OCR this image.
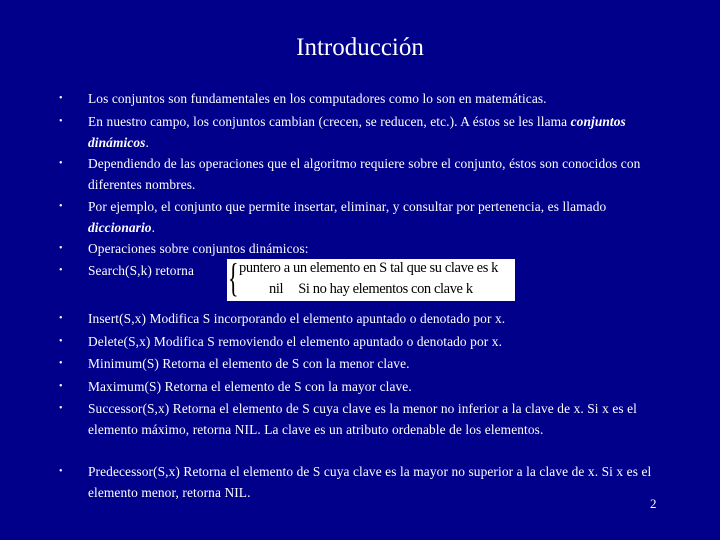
Introducción
• Los conjuntos son fundamentales en los computadores como lo son en matemáticas.
• En nuestro campo, los conjuntos cambian (crecen, se reducen, etc.). A éstos se les llama conjuntos dinámicos.
• Dependiendo de las operaciones que el algoritmo requiere sobre el conjunto, éstos son conocidos con diferentes nombres.
• Por ejemplo, el conjunto que permite insertar, eliminar, y consultar por pertenencia, es llamado diccionario.
• Operaciones sobre conjuntos dinámicos:
• Search(S,k) retorna
• Insert(S,x) Modifica S incorporando el elemento apuntado o denotado por x.
• Delete(S,x) Modifica S removiendo el elemento apuntado o denotado por x.
• Minimum(S) Retorna el elemento de S con la menor clave.
• Maximum(S) Retorna el elemento de S con la mayor clave.
• Successor(S,x) Retorna el elemento de S cuya clave es la menor no inferior a la clave de x. Si x es el elemento máximo, retorna NIL. La clave es un atributo ordenable de los elementos.
• Predecessor(S,x) Retorna el elemento de S cuya clave es la mayor no superior a la clave de x. Si x es el elemento menor, retorna NIL.
{ puntero a un elemento en S tal que su clave es k
nil Si no hay elementos con clave k
2
